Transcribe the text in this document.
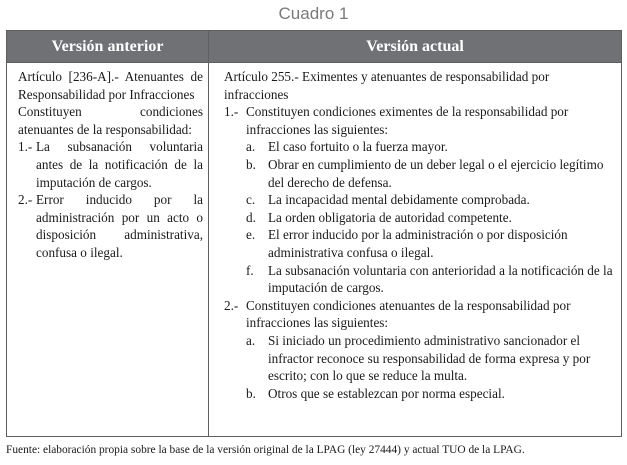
Cuadro 1
Versión anterior	Versión actual

Artículo [236-A].- Atenuantes de Responsabilidad por Infracciones

Constituyen condiciones atenuantes de la responsabilidad:

1.- La subsanación voluntaria antes de la notificación de la imputación de cargos.
2.- Error inducido por la administración por un acto o disposición administrativa, confusa o ilegal.

Artículo 255.- Eximentes y atenuantes de responsabilidad por infracciones

1.- Constituyen condiciones eximentes de la responsabilidad por infracciones las siguientes:
a. El caso fortuito o la fuerza mayor.
b. Obrar en cumplimiento de un deber legal o el ejercicio legítimo del derecho de defensa.
c. La incapacidad mental debidamente comprobada.
d. La orden obligatoria de autoridad competente.
e. El error inducido por la administración o por disposición administrativa confusa o ilegal.
f.	La subsanación voluntaria con anterioridad a la notificación de la imputación de cargos.
2.- Constituyen condiciones atenuantes de la responsabilidad por infracciones las siguientes:
a. Si iniciado un procedimiento administrativo sancionador el infractor reconoce su responsabilidad de forma expresa y por escrito; con lo que se reduce la multa.
b. Otros que se establezcan por norma especial.
Fuente: elaboración propia sobre la base de la versión original de la LPAG (ley 27444) y actual TUO de la LPAG.
